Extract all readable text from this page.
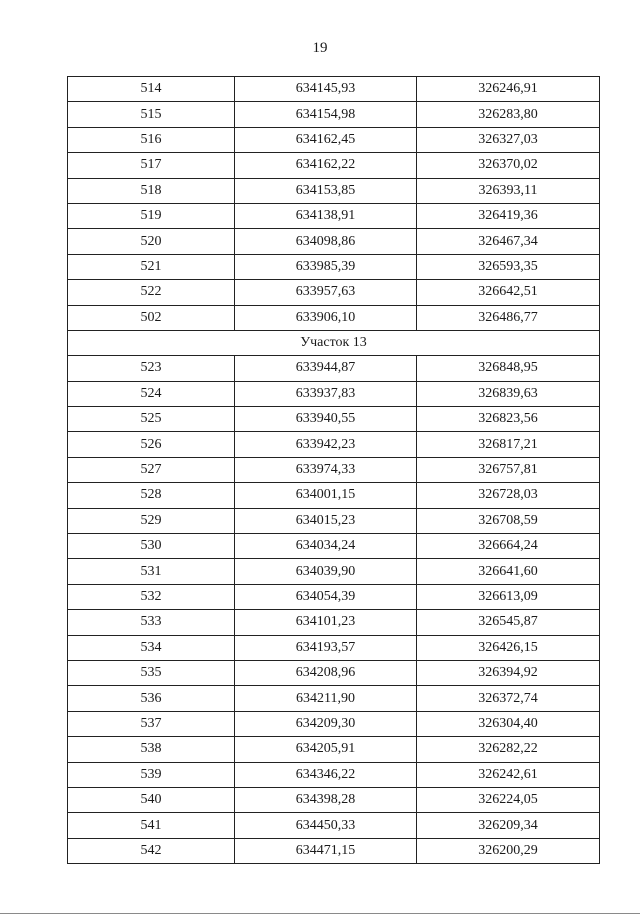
19
514	634145,93	326246,91
515	634154,98	326283,80
516	634162,45	326327,03
517	634162,22	326370,02
518	634153,85	326393,11
519	634138,91	326419,36
520	634098,86	326467,34
521	633985,39	326593,35
522	633957,63	326642,51
502	633906,10	326486,77
Участок 13		
523	633944,87	326848,95
524	633937,83	326839,63
525	633940,55	326823,56
526	633942,23	326817,21
527	633974,33	326757,81
528	634001,15	326728,03
529	634015,23	326708,59
530	634034,24	326664,24
531	634039,90	326641,60
532	634054,39	326613,09
533	634101,23	326545,87
534	634193,57	326426,15
535	634208,96	326394,92
536	634211,90	326372,74
537	634209,30	326304,40
538	634205,91	326282,22
539	634346,22	326242,61
540	634398,28	326224,05
541	634450,33	326209,34
542	634471,15	326200,29
